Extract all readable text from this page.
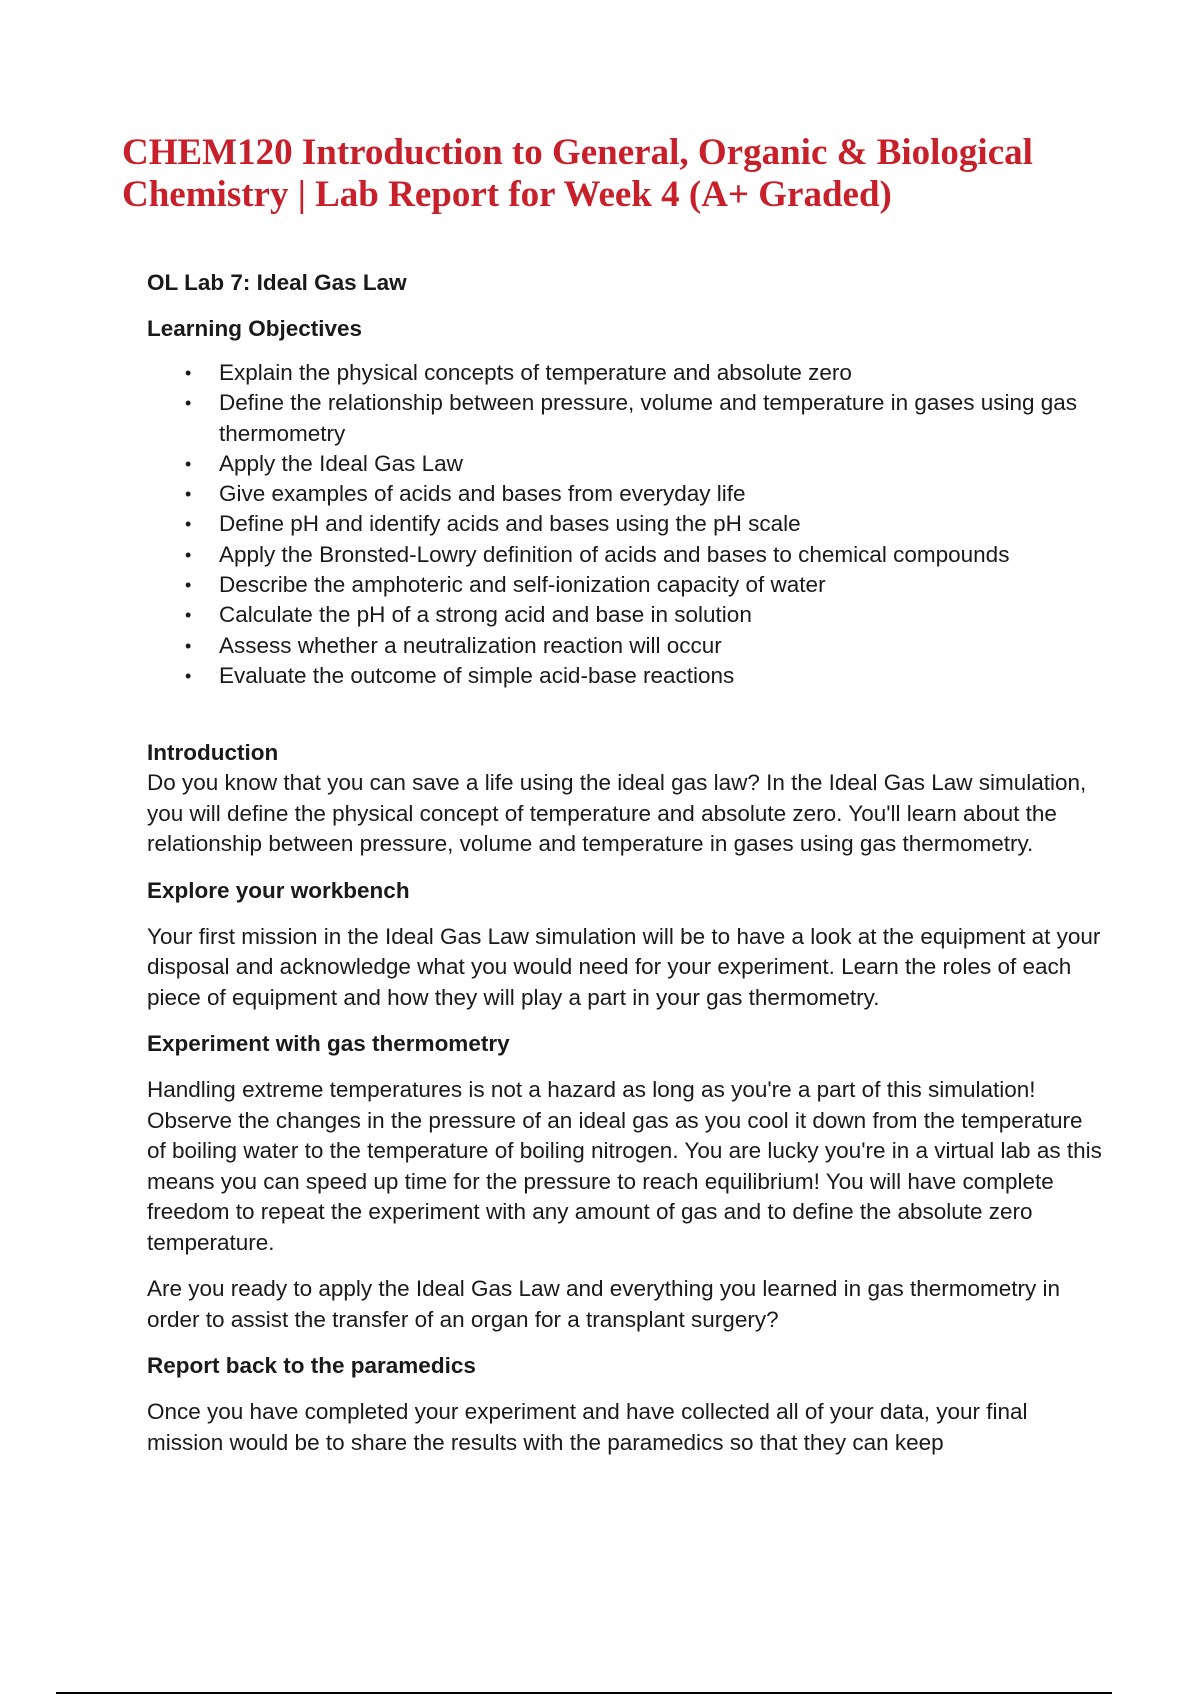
CHEM120 Introduction to General, Organic & Biological Chemistry | Lab Report for Week 4 (A+ Graded)

OL Lab 7: Ideal Gas Law

Learning Objectives

• Explain the physical concepts of temperature and absolute zero
• Define the relationship between pressure, volume and temperature in gases using gas thermometry
• Apply the Ideal Gas Law
• Give examples of acids and bases from everyday life
• Define pH and identify acids and bases using the pH scale
• Apply the Bronsted-Lowry definition of acids and bases to chemical compounds
• Describe the amphoteric and self-ionization capacity of water
• Calculate the pH of a strong acid and base in solution
• Assess whether a neutralization reaction will occur
• Evaluate the outcome of simple acid-base reactions

Introduction

Do you know that you can save a life using the ideal gas law? In the Ideal Gas Law simulation, you will define the physical concept of temperature and absolute zero. You'll learn about the relationship between pressure, volume and temperature in gases using gas thermometry.

Explore your workbench

Your first mission in the Ideal Gas Law simulation will be to have a look at the equipment at your disposal and acknowledge what you would need for your experiment. Learn the roles of each piece of equipment and how they will play a part in your gas thermometry.

Experiment with gas thermometry

Handling extreme temperatures is not a hazard as long as you're a part of this simulation! Observe the changes in the pressure of an ideal gas as you cool it down from the temperature of boiling water to the temperature of boiling nitrogen. You are lucky you're in a virtual lab as this means you can speed up time for the pressure to reach equilibrium! You will have complete freedom to repeat the experiment with any amount of gas and to define the absolute zero temperature.

Are you ready to apply the Ideal Gas Law and everything you learned in gas thermometry in order to assist the transfer of an organ for a transplant surgery?

Report back to the paramedics

Once you have completed your experiment and have collected all of your data, your final mission would be to share the results with the paramedics so that they can keep
